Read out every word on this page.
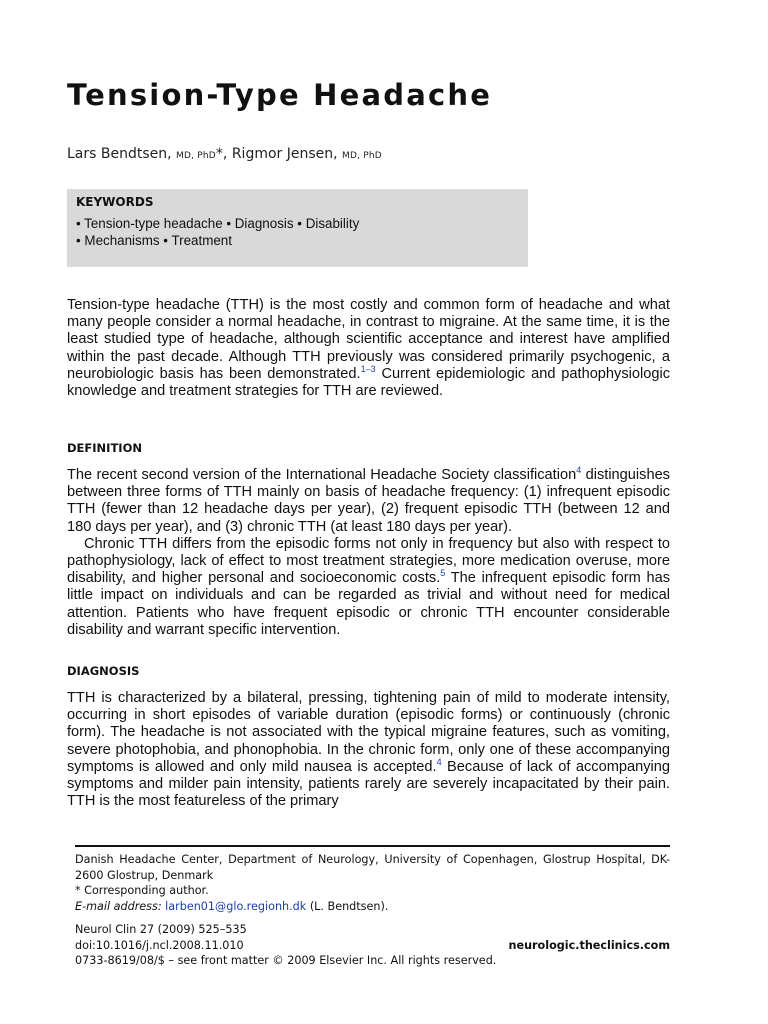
Tension-Type Headache
Lars Bendtsen, MD, PhD*, Rigmor Jensen, MD, PhD
KEYWORDS
• Tension-type headache • Diagnosis • Disability
• Mechanisms • Treatment

Tension-type headache (TTH) is the most costly and common form of headache and what many people consider a normal headache, in contrast to migraine. At the same time, it is the least studied type of headache, although scientific acceptance and interest have amplified within the past decade. Although TTH previously was considered primarily psychogenic, a neurobiologic basis has been demonstrated.$^{1-3}$ Current epidemiologic and pathophysiologic knowledge and treatment strategies for TTH are reviewed.

DEFINITION

The recent second version of the International Headache Society classification$^4$ distinguishes between three forms of TTH mainly on basis of headache frequency: (1) infrequent episodic TTH (fewer than 12 headache days per year), (2) frequent episodic TTH (between 12 and 180 days per year), and (3) chronic TTH (at least 180 days per year).

Chronic TTH differs from the episodic forms not only in frequency but also with respect to pathophysiology, lack of effect to most treatment strategies, more medication overuse, more disability, and higher personal and socioeconomic costs.$^5$ The infrequent episodic form has little impact on individuals and can be regarded as trivial and without need for medical attention. Patients who have frequent episodic or chronic TTH encounter considerable disability and warrant specific intervention.

DIAGNOSIS

TTH is characterized by a bilateral, pressing, tightening pain of mild to moderate intensity, occurring in short episodes of variable duration (episodic forms) or continuously (chronic form). The headache is not associated with the typical migraine features, such as vomiting, severe photophobia, and phonophobia. In the chronic form, only one of these accompanying symptoms is allowed and only mild nausea is accepted.$^4$ Because of lack of accompanying symptoms and milder pain intensity, patients rarely are severely incapacitated by their pain. TTH is the most featureless of the primary

Danish Headache Center, Department of Neurology, University of Copenhagen, Glostrup Hospital, DK-2600 Glostrup, Denmark
* Corresponding author.
E-mail address: larben01@glo.regionh.dk (L. Bendtsen).
Neurol Clin 27 (2009) 525–535
doi:10.1016/j.ncl.2008.11.010
0733-8619/08/$ – see front matter © 2009 Elsevier Inc. All rights reserved.
neurologic.theclinics.com
